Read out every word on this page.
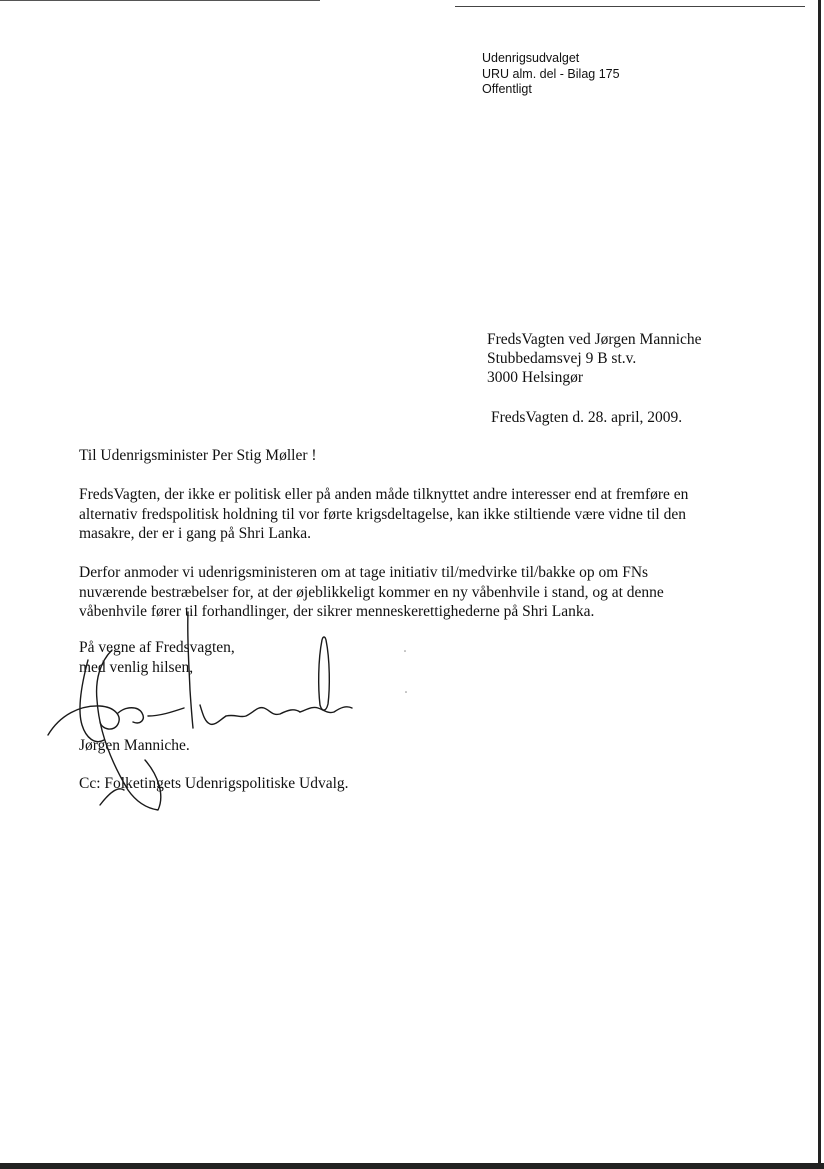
Udenrigsudvalget
URU alm. del - Bilag 175
Offentligt
FredsVagten ved Jørgen Manniche
Stubbedamsvej 9 B st.v.
3000 Helsingør
FredsVagten d. 28. april, 2009.
Til Udenrigsminister Per Stig Møller !
FredsVagten, der ikke er politisk eller på anden måde tilknyttet andre interesser end at fremføre en
alternativ fredspolitisk holdning til vor førte krigsdeltagelse, kan ikke stiltiende være vidne til den
masakre, der er i gang på Shri Lanka.
Derfor anmoder vi udenrigsministeren om at tage initiativ til/medvirke til/bakke op om FNs
nuværende bestræbelser for, at der øjeblikkeligt kommer en ny våbenhvile i stand, og at denne
våbenhvile fører til forhandlinger, der sikrer menneskerettighederne på Shri Lanka.
På vegne af Fredsvagten,
med venlig hilsen,
Jørgen Manniche.
Cc: Folketingets Udenrigspolitiske Udvalg.
